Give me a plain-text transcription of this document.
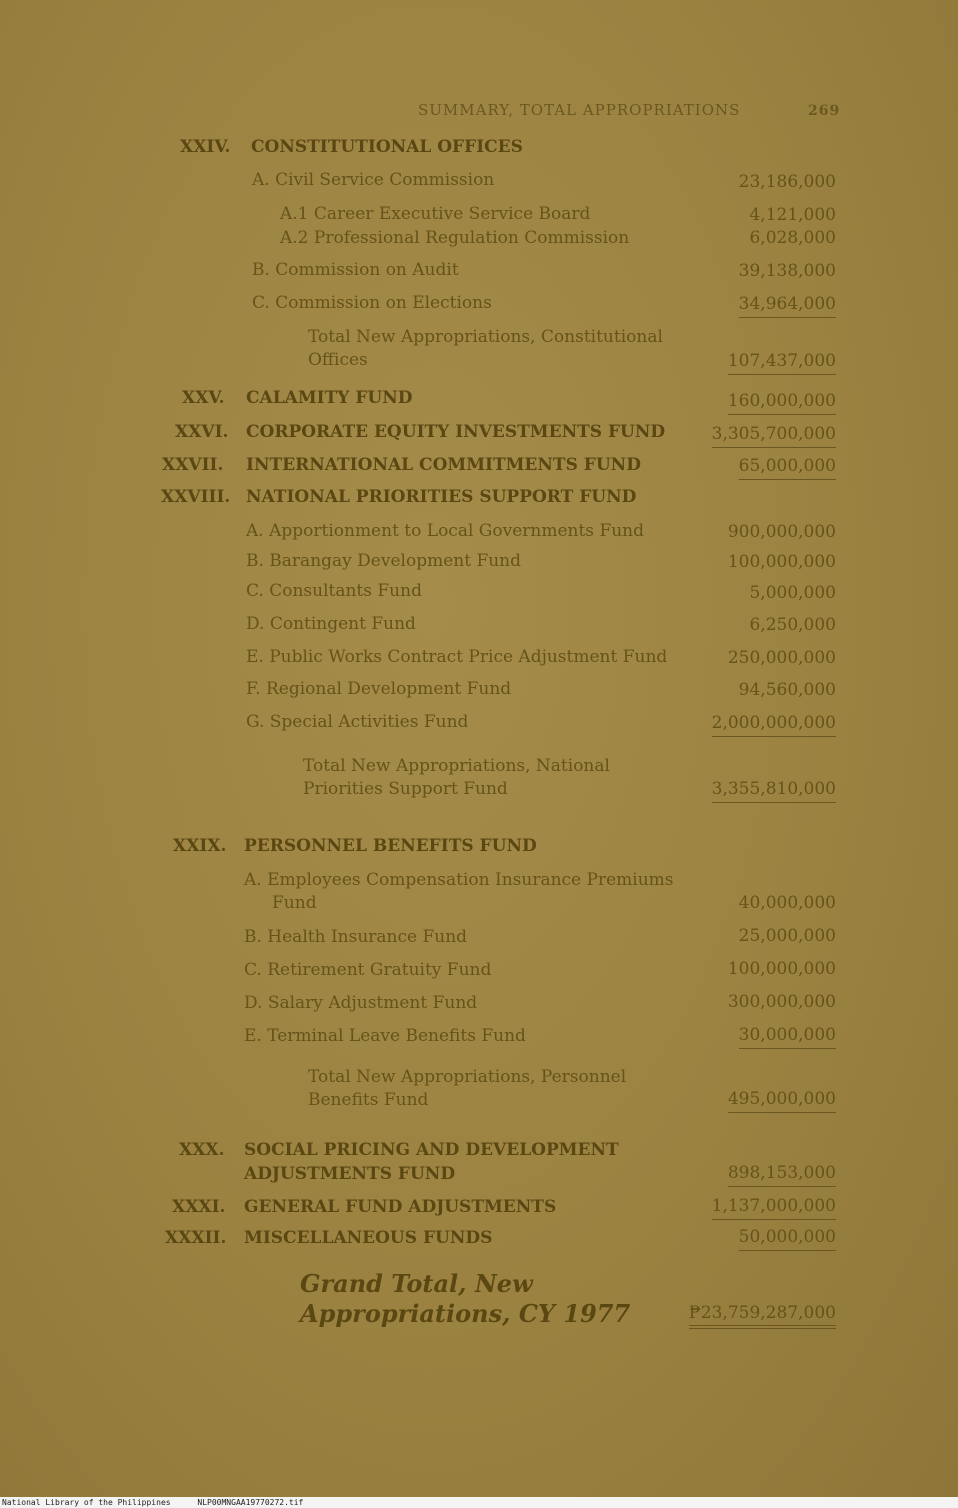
SUMMARY, TOTAL APPROPRIATIONS	269
XXIV. CONSTITUTIONAL OFFICES
A. Civil Service Commission	23,186,000
A.1 Career Executive Service Board	4,121,000
A.2 Professional Regulation Commission	6,028,000
B. Commission on Audit	39,138,000
C. Commission on Elections	34,964,000
Total New Appropriations, Constitutional
Offices	107,437,000
XXV. CALAMITY FUND	160,000,000
XXVI. CORPORATE EQUITY INVESTMENTS FUND	3,305,700,000
XXVII. INTERNATIONAL COMMITMENTS FUND	65,000,000
XXVIII. NATIONAL PRIORITIES SUPPORT FUND
A. Apportionment to Local Governments Fund	900,000,000
B. Barangay Development Fund	100,000,000
C. Consultants Fund	5,000,000
D. Contingent Fund	6,250,000
E. Public Works Contract Price Adjustment Fund	250,000,000
F. Regional Development Fund	94,560,000
G. Special Activities Fund	2,000,000,000
Total New Appropriations, National
Priorities Support Fund	3,355,810,000
XXIX. PERSONNEL BENEFITS FUND
A. Employees Compensation Insurance Premiums
Fund	40,000,000
B. Health Insurance Fund	25,000,000
C. Retirement Gratuity Fund	100,000,000
D. Salary Adjustment Fund	300,000,000
E. Terminal Leave Benefits Fund	30,000,000
Total New Appropriations, Personnel
Benefits Fund	495,000,000
XXX. SOCIAL PRICING AND DEVELOPMENT
ADJUSTMENTS FUND	898,153,000
XXXI. GENERAL FUND ADJUSTMENTS	1,137,000,000
XXXII. MISCELLANEOUS FUNDS	50,000,000
Grand Total, New
Appropriations, CY 1977	₱23,759,287,000
National Library of the Philippines	NLP00MNGAA19770272.tif
